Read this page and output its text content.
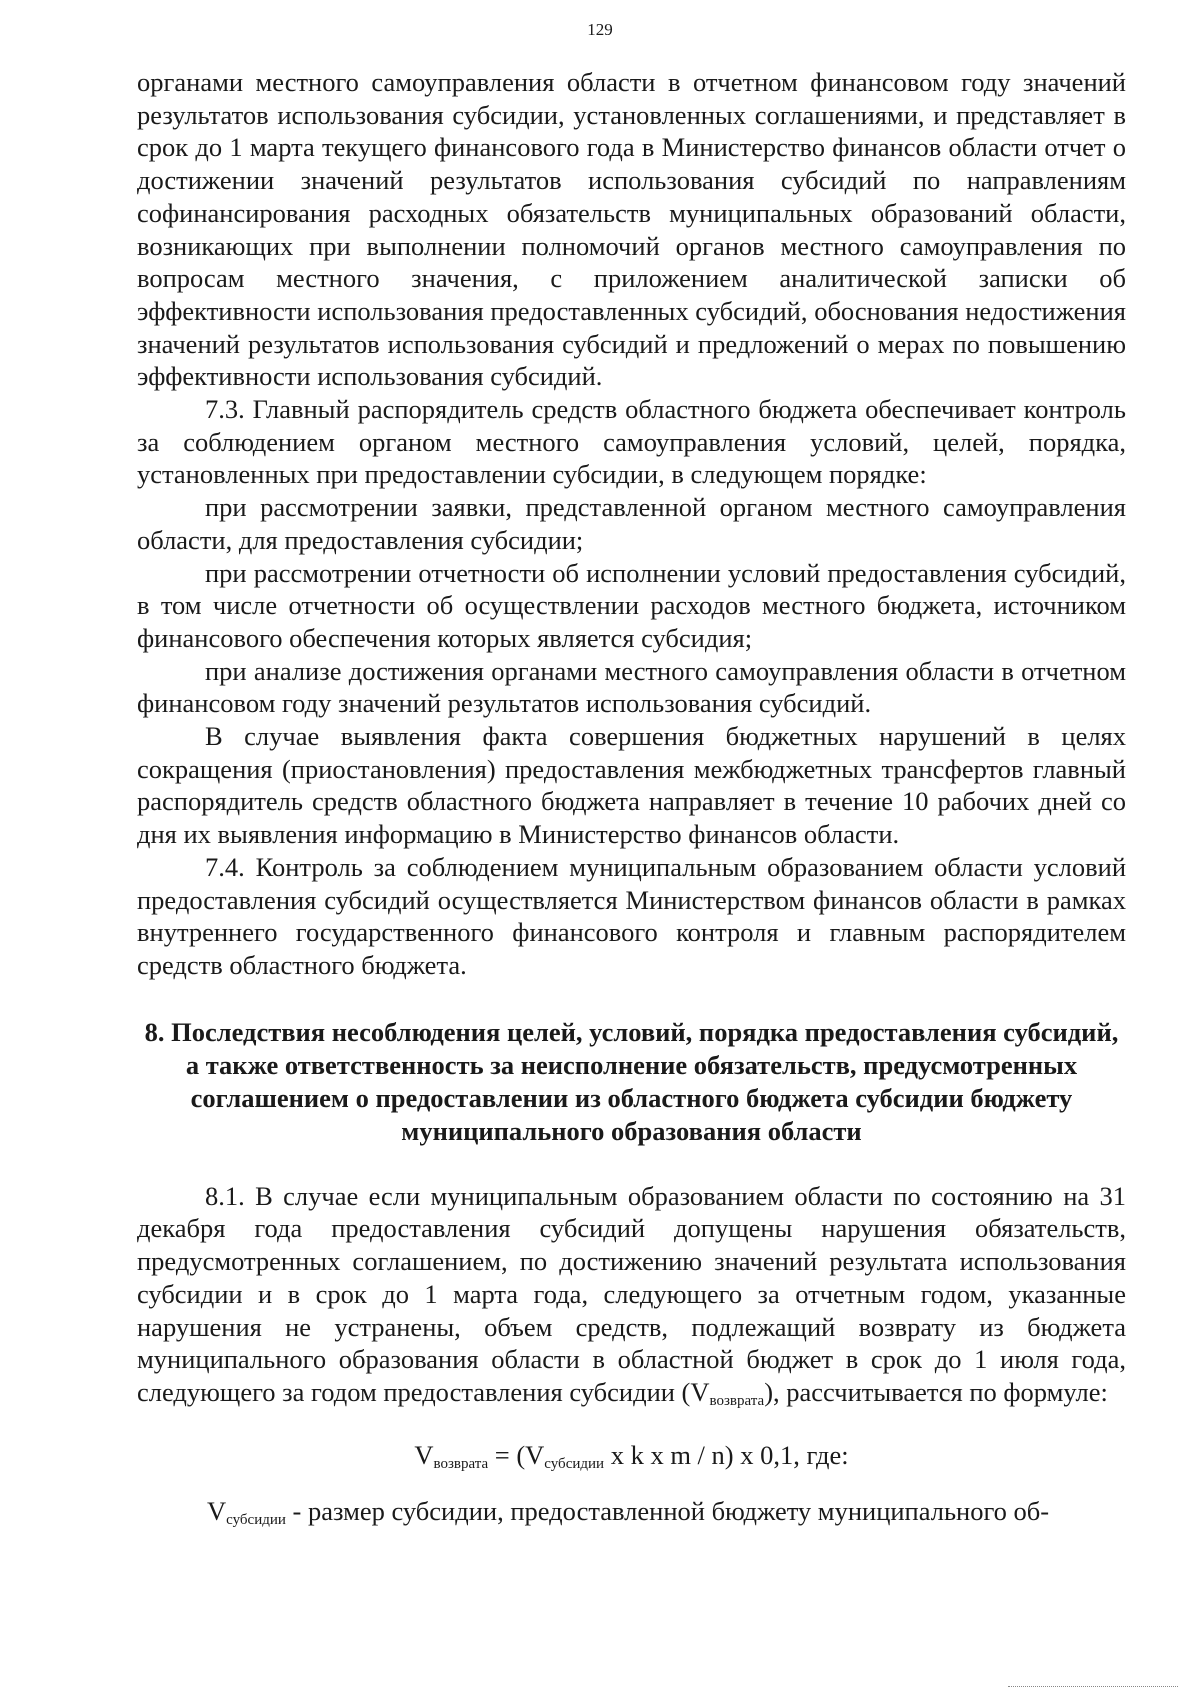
129

органами местного самоуправления области в отчетном финансовом году значений результатов использования субсидии, установленных соглашениями, и представляет в срок до 1 марта текущего финансового года в Министерство финансов области отчет о достижении значений результатов использования субсидий по направлениям софинансирования расходных обязательств муниципальных образований области, возникающих при выполнении полномочий органов местного самоуправления по вопросам местного значения, с приложением аналитической записки об эффективности использования предоставленных субсидий, обоснования недостижения значений результатов использования субсидий и предложений о мерах по повышению эффективности использования субсидий.

7.3. Главный распорядитель средств областного бюджета обеспечивает контроль за соблюдением органом местного самоуправления условий, целей, порядка, установленных при предоставлении субсидии, в следующем порядке:

при рассмотрении заявки, представленной органом местного самоуправления области, для предоставления субсидии;

при рассмотрении отчетности об исполнении условий предоставления субсидий, в том числе отчетности об осуществлении расходов местного бюджета, источником финансового обеспечения которых является субсидия;

при анализе достижения органами местного самоуправления области в отчетном финансовом году значений результатов использования субсидий.

В случае выявления факта совершения бюджетных нарушений в целях сокращения (приостановления) предоставления межбюджетных трансфертов главный распорядитель средств областного бюджета направляет в течение 10 рабочих дней со дня их выявления информацию в Министерство финансов области.

7.4. Контроль за соблюдением муниципальным образованием области условий предоставления субсидий осуществляется Министерством финансов области в рамках внутреннего государственного финансового контроля и главным распорядителем средств областного бюджета.

8. Последствия несоблюдения целей, условий, порядка предоставления субсидий, а также ответственность за неисполнение обязательств, предусмотренных соглашением о предоставлении из областного бюджета субсидии бюджету муниципального образования области

8.1. В случае если муниципальным образованием области по состоянию на 31 декабря года предоставления субсидий допущены нарушения обязательств, предусмотренных соглашением, по достижению значений результата использования субсидии и в срок до 1 марта года, следующего за отчетным годом, указанные нарушения не устранены, объем средств, подлежащий возврату из бюджета муниципального образования области в областной бюджет в срок до 1 июля года, следующего за годом предоставления субсидии $(V_{возврата})$, рассчитывается по формуле:

$V_{возврата} = (V_{субсидии}$ х k х m / n) х 0,1, где:

$V_{субсидии}$ - размер субсидии, предоставленной бюджету муниципального об-
